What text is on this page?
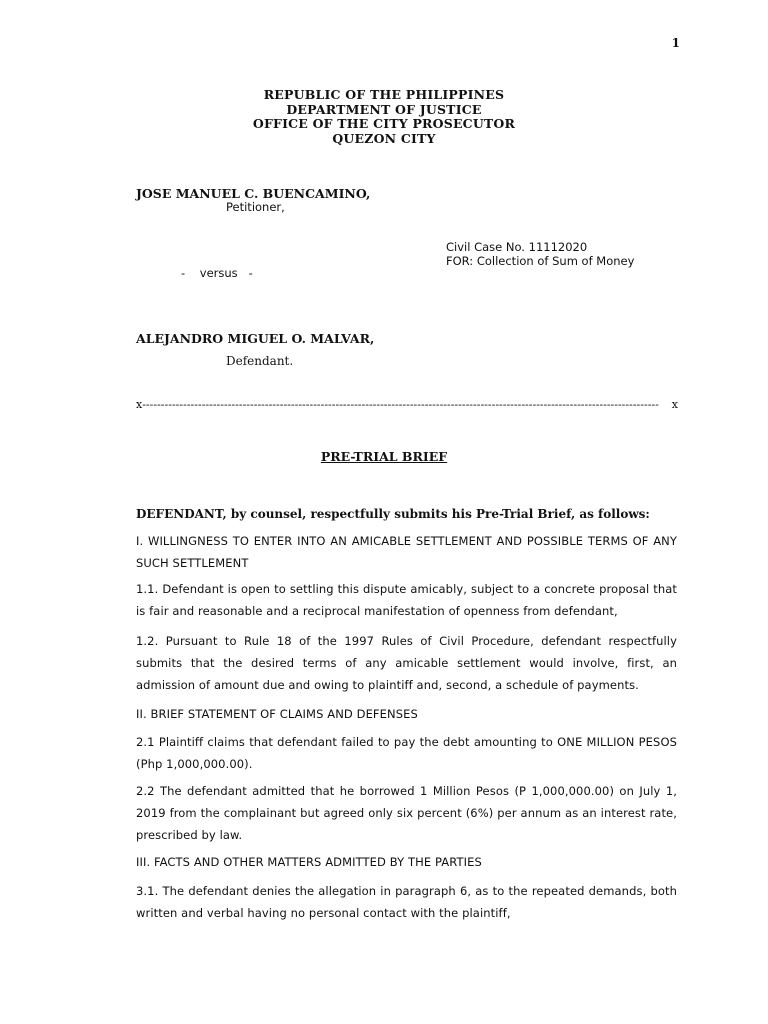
1
REPUBLIC OF THE PHILIPPINES
DEPARTMENT OF JUSTICE
OFFICE OF THE CITY PROSECUTOR
QUEZON CITY
JOSE MANUEL C. BUENCAMINO,
Petitioner,
Civil Case No. 11112020
FOR: Collection of Sum of Money
-    versus   -
ALEJANDRO MIGUEL O. MALVAR,
Defendant.
x -------------------------------------------------------------------------------------------------------------------------------------------	x
PRE-TRIAL BRIEF
DEFENDANT, by counsel, respectfully submits his Pre-Trial Brief, as follows:
I. WILLINGNESS TO ENTER INTO AN AMICABLE SETTLEMENT AND POSSIBLE TERMS OF ANY SUCH SETTLEMENT
1.1. Defendant is open to settling this dispute amicably, subject to a concrete proposal that is fair and reasonable and a reciprocal manifestation of openness from defendant,
1.2. Pursuant to Rule 18 of the 1997 Rules of Civil Procedure, defendant respectfully submits that the desired terms of any amicable settlement would involve, first, an admission of amount due and owing to plaintiff and, second, a schedule of payments.
II. BRIEF STATEMENT OF CLAIMS AND DEFENSES
2.1 Plaintiff claims that defendant failed to pay the debt amounting to ONE MILLION PESOS (Php 1,000,000.00).
2.2 The defendant admitted that he borrowed 1 Million Pesos (P 1,000,000.00) on July 1, 2019 from the complainant but agreed only six percent (6%) per annum as an interest rate, prescribed by law.
III. FACTS AND OTHER MATTERS ADMITTED BY THE PARTIES
3.1. The defendant denies the allegation in paragraph 6, as to the repeated demands, both written and verbal having no personal contact with the plaintiff,
